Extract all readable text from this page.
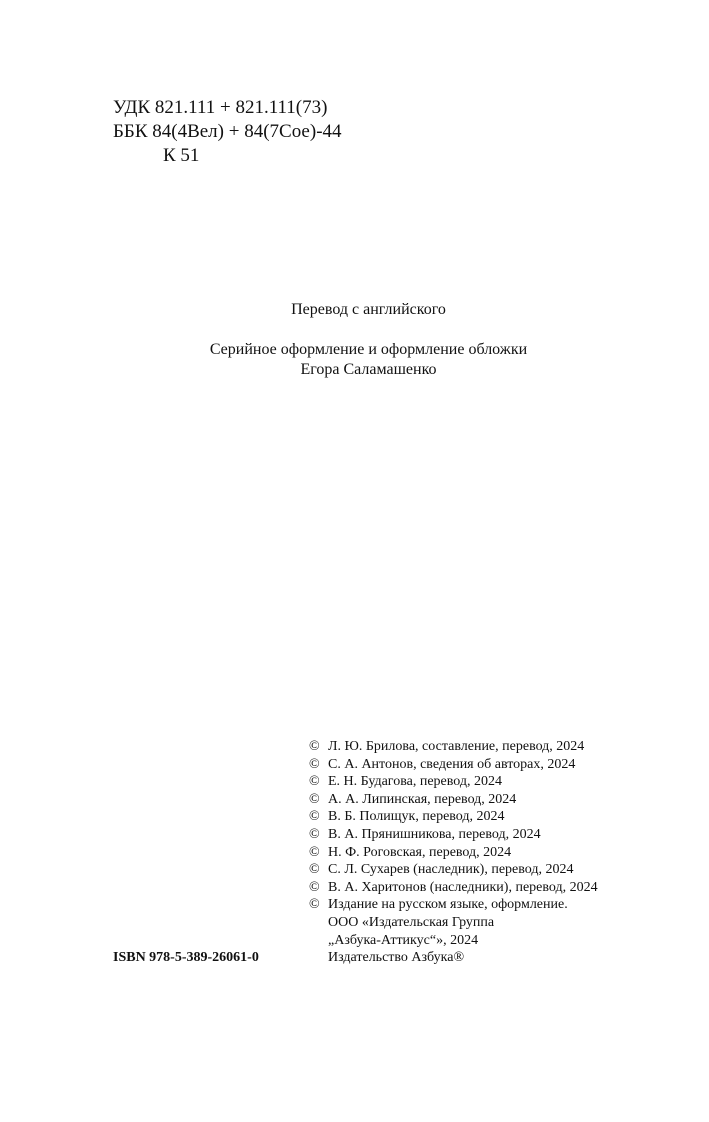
УДК 821.111 + 821.111(73)
ББК 84(4Вел) + 84(7Сое)-44
К 51
Перевод с английского
Серийное оформление и оформление обложки
Егора Саламашенко
© Л. Ю. Брилова, составление, перевод, 2024
© С. А. Антонов, сведения об авторах, 2024
© Е. Н. Будагова, перевод, 2024
© А. А. Липинская, перевод, 2024
© В. Б. Полищук, перевод, 2024
© В. А. Прянишникова, перевод, 2024
© Н. Ф. Роговская, перевод, 2024
© С. Л. Сухарев (наследник), перевод, 2024
© В. А. Харитонов (наследники), перевод, 2024
© Издание на русском языке, оформление.
ООО «Издательская Группа
„Азбука-Аттикус“», 2024
Издательство Азбука®
ISBN 978-5-389-26061-0
